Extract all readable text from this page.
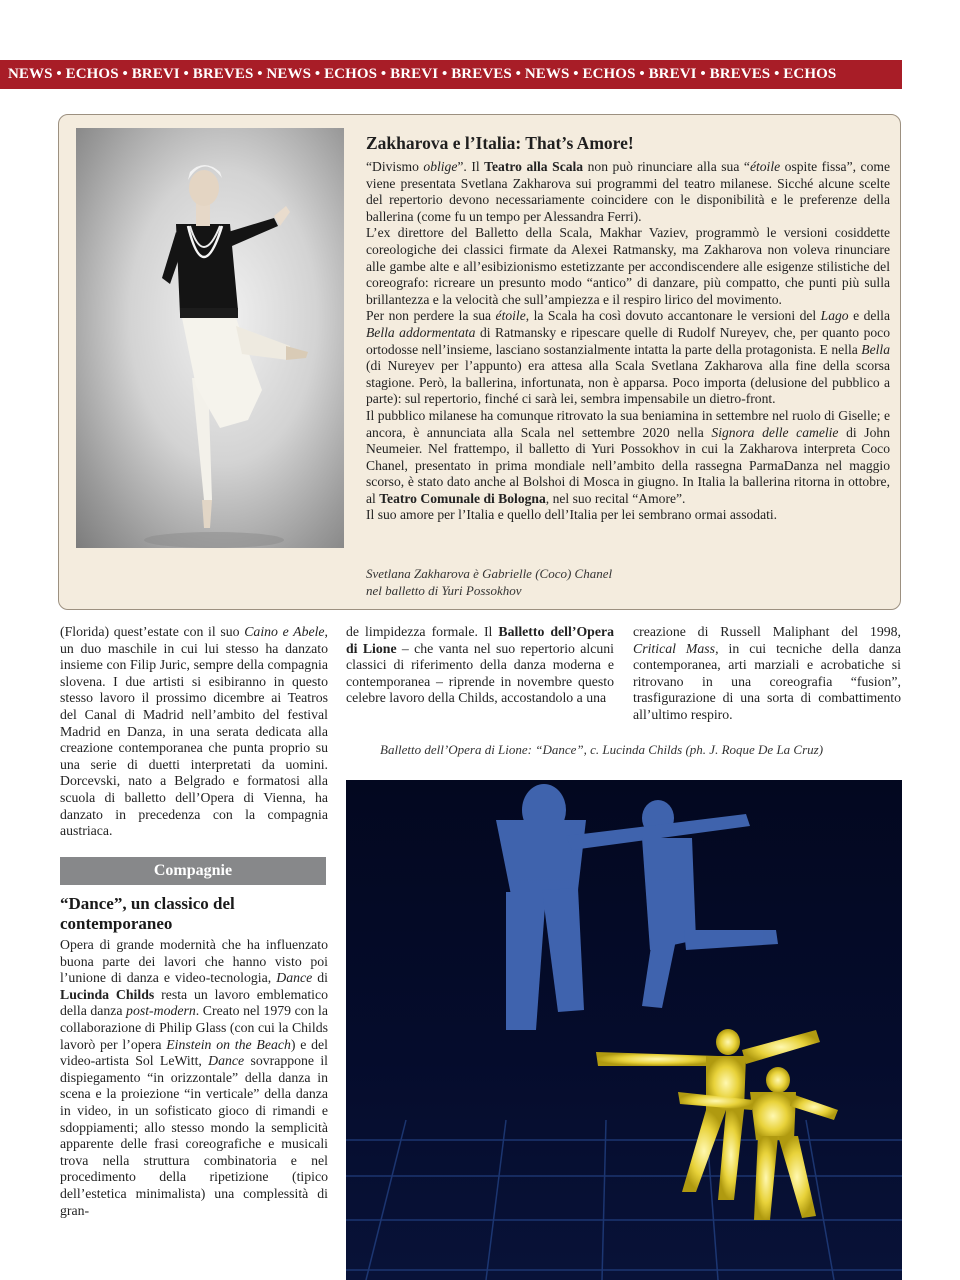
NEWS • ECHOS • BREVI • BREVES • NEWS • ECHOS • BREVI • BREVES • NEWS • ECHOS • BREVI • BREVES • ECHOS
Zakharova e l’Italia: That’s Amore!

“Divismo oblige”. Il Teatro alla Scala non può rinunciare alla sua “étoile ospite fissa”, come viene presentata Svetlana Zakharova sui programmi del teatro milanese. Sicché alcune scelte del repertorio devono necessariamente coincidere con le disponibilità e le preferenze della ballerina (come fu un tempo per Alessandra Ferri).

L’ex direttore del Balletto della Scala, Makhar Vaziev, programmò le versioni cosiddette coreologiche dei classici firmate da Alexei Ratmansky, ma Zakharova non voleva rinunciare alle gambe alte e all’esibizionismo estetizzante per accondiscendere alle esigenze stilistiche del coreografo: ricreare un presunto modo “antico” di danzare, più compatto, che punti più sulla brillantezza e la velocità che sull’ampiezza e il respiro lirico del movimento.

Per non perdere la sua étoile, la Scala ha così dovuto accantonare le versioni del Lago e della Bella addormentata di Ratmansky e ripescare quelle di Rudolf Nureyev, che, per quanto poco ortodosse nell’insieme, lasciano sostanzialmente intatta la parte della protagonista. E nella Bella (di Nureyev per l’appunto) era attesa alla Scala Svetlana Zakharova alla fine della scorsa stagione. Però, la ballerina, infortunata, non è apparsa. Poco importa (delusione del pubblico a parte): sul repertorio, finché ci sarà lei, sembra impensabile un dietro-front.

Il pubblico milanese ha comunque ritrovato la sua beniamina in settembre nel ruolo di Giselle; e ancora, è annunciata alla Scala nel settembre 2020 nella Signora delle camelie di John Neumeier. Nel frattempo, il balletto di Yuri Possokhov in cui la Zakharova interpreta Coco Chanel, presentato in prima mondiale nell’ambito della rassegna ParmaDanza nel maggio scorso, è stato dato anche al Bolshoi di Mosca in giugno. In Italia la ballerina ritorna in ottobre, al Teatro Comunale di Bologna, nel suo recital “Amore”.

Il suo amore per l’Italia e quello dell’Italia per lei sembrano ormai assodati.

Svetlana Zakharova è Gabrielle (Coco) Chanel
nel balletto di Yuri Possokhov

(Florida) quest’estate con il suo Caino e Abele, un duo maschile in cui lui stesso ha danzato insieme con Filip Juric, sempre della compagnia slovena. I due artisti si esibiranno in questo stesso lavoro il prossimo dicembre ai Teatros del Canal di Madrid nell’ambito del festival Madrid en Danza, in una serata dedicata alla creazione contemporanea che punta proprio su una serie di duetti interpretati da uomini. Dorcevski, nato a Belgrado e formatosi alla scuola di balletto dell’Opera di Vienna, ha danzato in precedenza con la compagnia austriaca.

Compagnie
“Dance”, un classico del contemporaneo

Opera di grande modernità che ha influenzato buona parte dei lavori che hanno visto poi l’unione di danza e video-tecnologia, Dance di Lucinda Childs resta un lavoro emblematico della danza post-modern. Creato nel 1979 con la collaborazione di Philip Glass (con cui la Childs lavorò per l’opera Einstein on the Beach) e del video-artista Sol LeWitt, Dance sovrappone il dispiegamento “in orizzontale” della danza in scena e la proiezione “in verticale” della danza in video, in un sofisticato gioco di rimandi e sdoppiamenti; allo stesso mondo la semplicità apparente delle frasi coreografiche e musicali trova nella struttura combinatoria e nel procedimento della ripetizione (tipico dell’estetica minimalista) una complessità di gran-

de limpidezza formale. Il Balletto dell’Opera di Lione – che vanta nel suo repertorio alcuni classici di riferimento della danza moderna e contemporanea – riprende in novembre questo celebre lavoro della Childs, accostandolo a una

creazione di Russell Maliphant del 1998, Critical Mass, in cui tecniche della danza contemporanea, arti marziali e acrobatiche si ritrovano in una coreografia “fusion”, trasfigurazione di una sorta di combattimento all’ultimo respiro.

Balletto dell’Opera di Lione: “Dance”, c. Lucinda Childs (ph. J. Roque De La Cruz)
